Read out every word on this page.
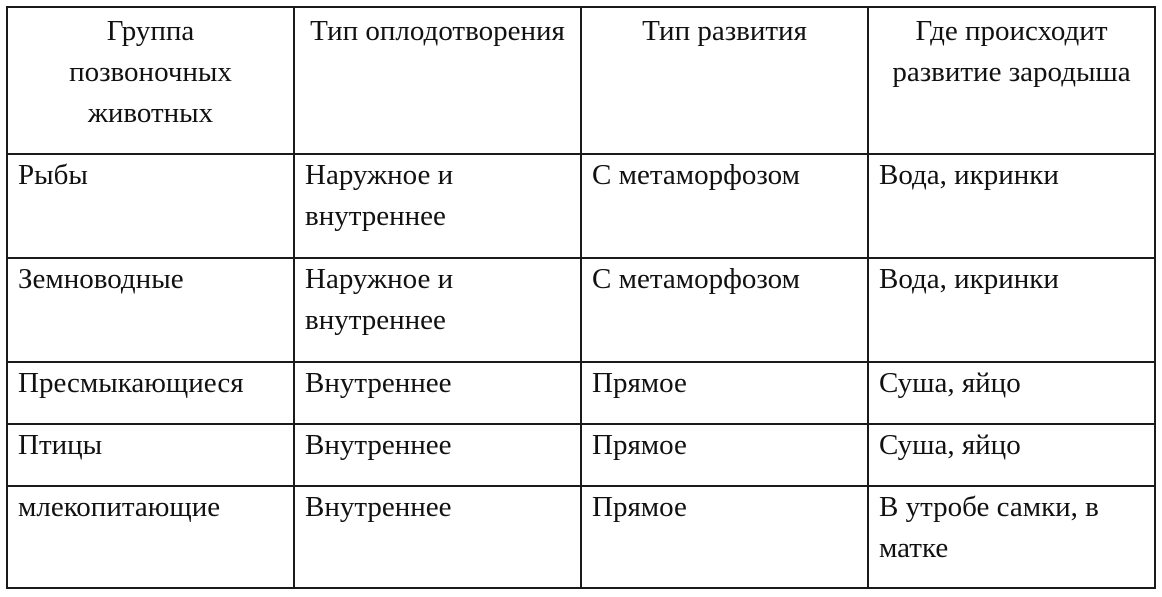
Группа позвоночных животных	Тип оплодотворения	Тип развития	Где происходит развитие зародыша

Рыбы	Наружное и внутреннее	С метаморфозом	Вода, икринки
Земноводные	Наружное и внутреннее	С метаморфозом	Вода, икринки
Пресмыкающиеся	Внутреннее	Прямое	Суша, яйцо
Птицы	Внутреннее	Прямое	Суша, яйцо
млекопитающие	Внутреннее	Прямое	В утробе самки, в матке
